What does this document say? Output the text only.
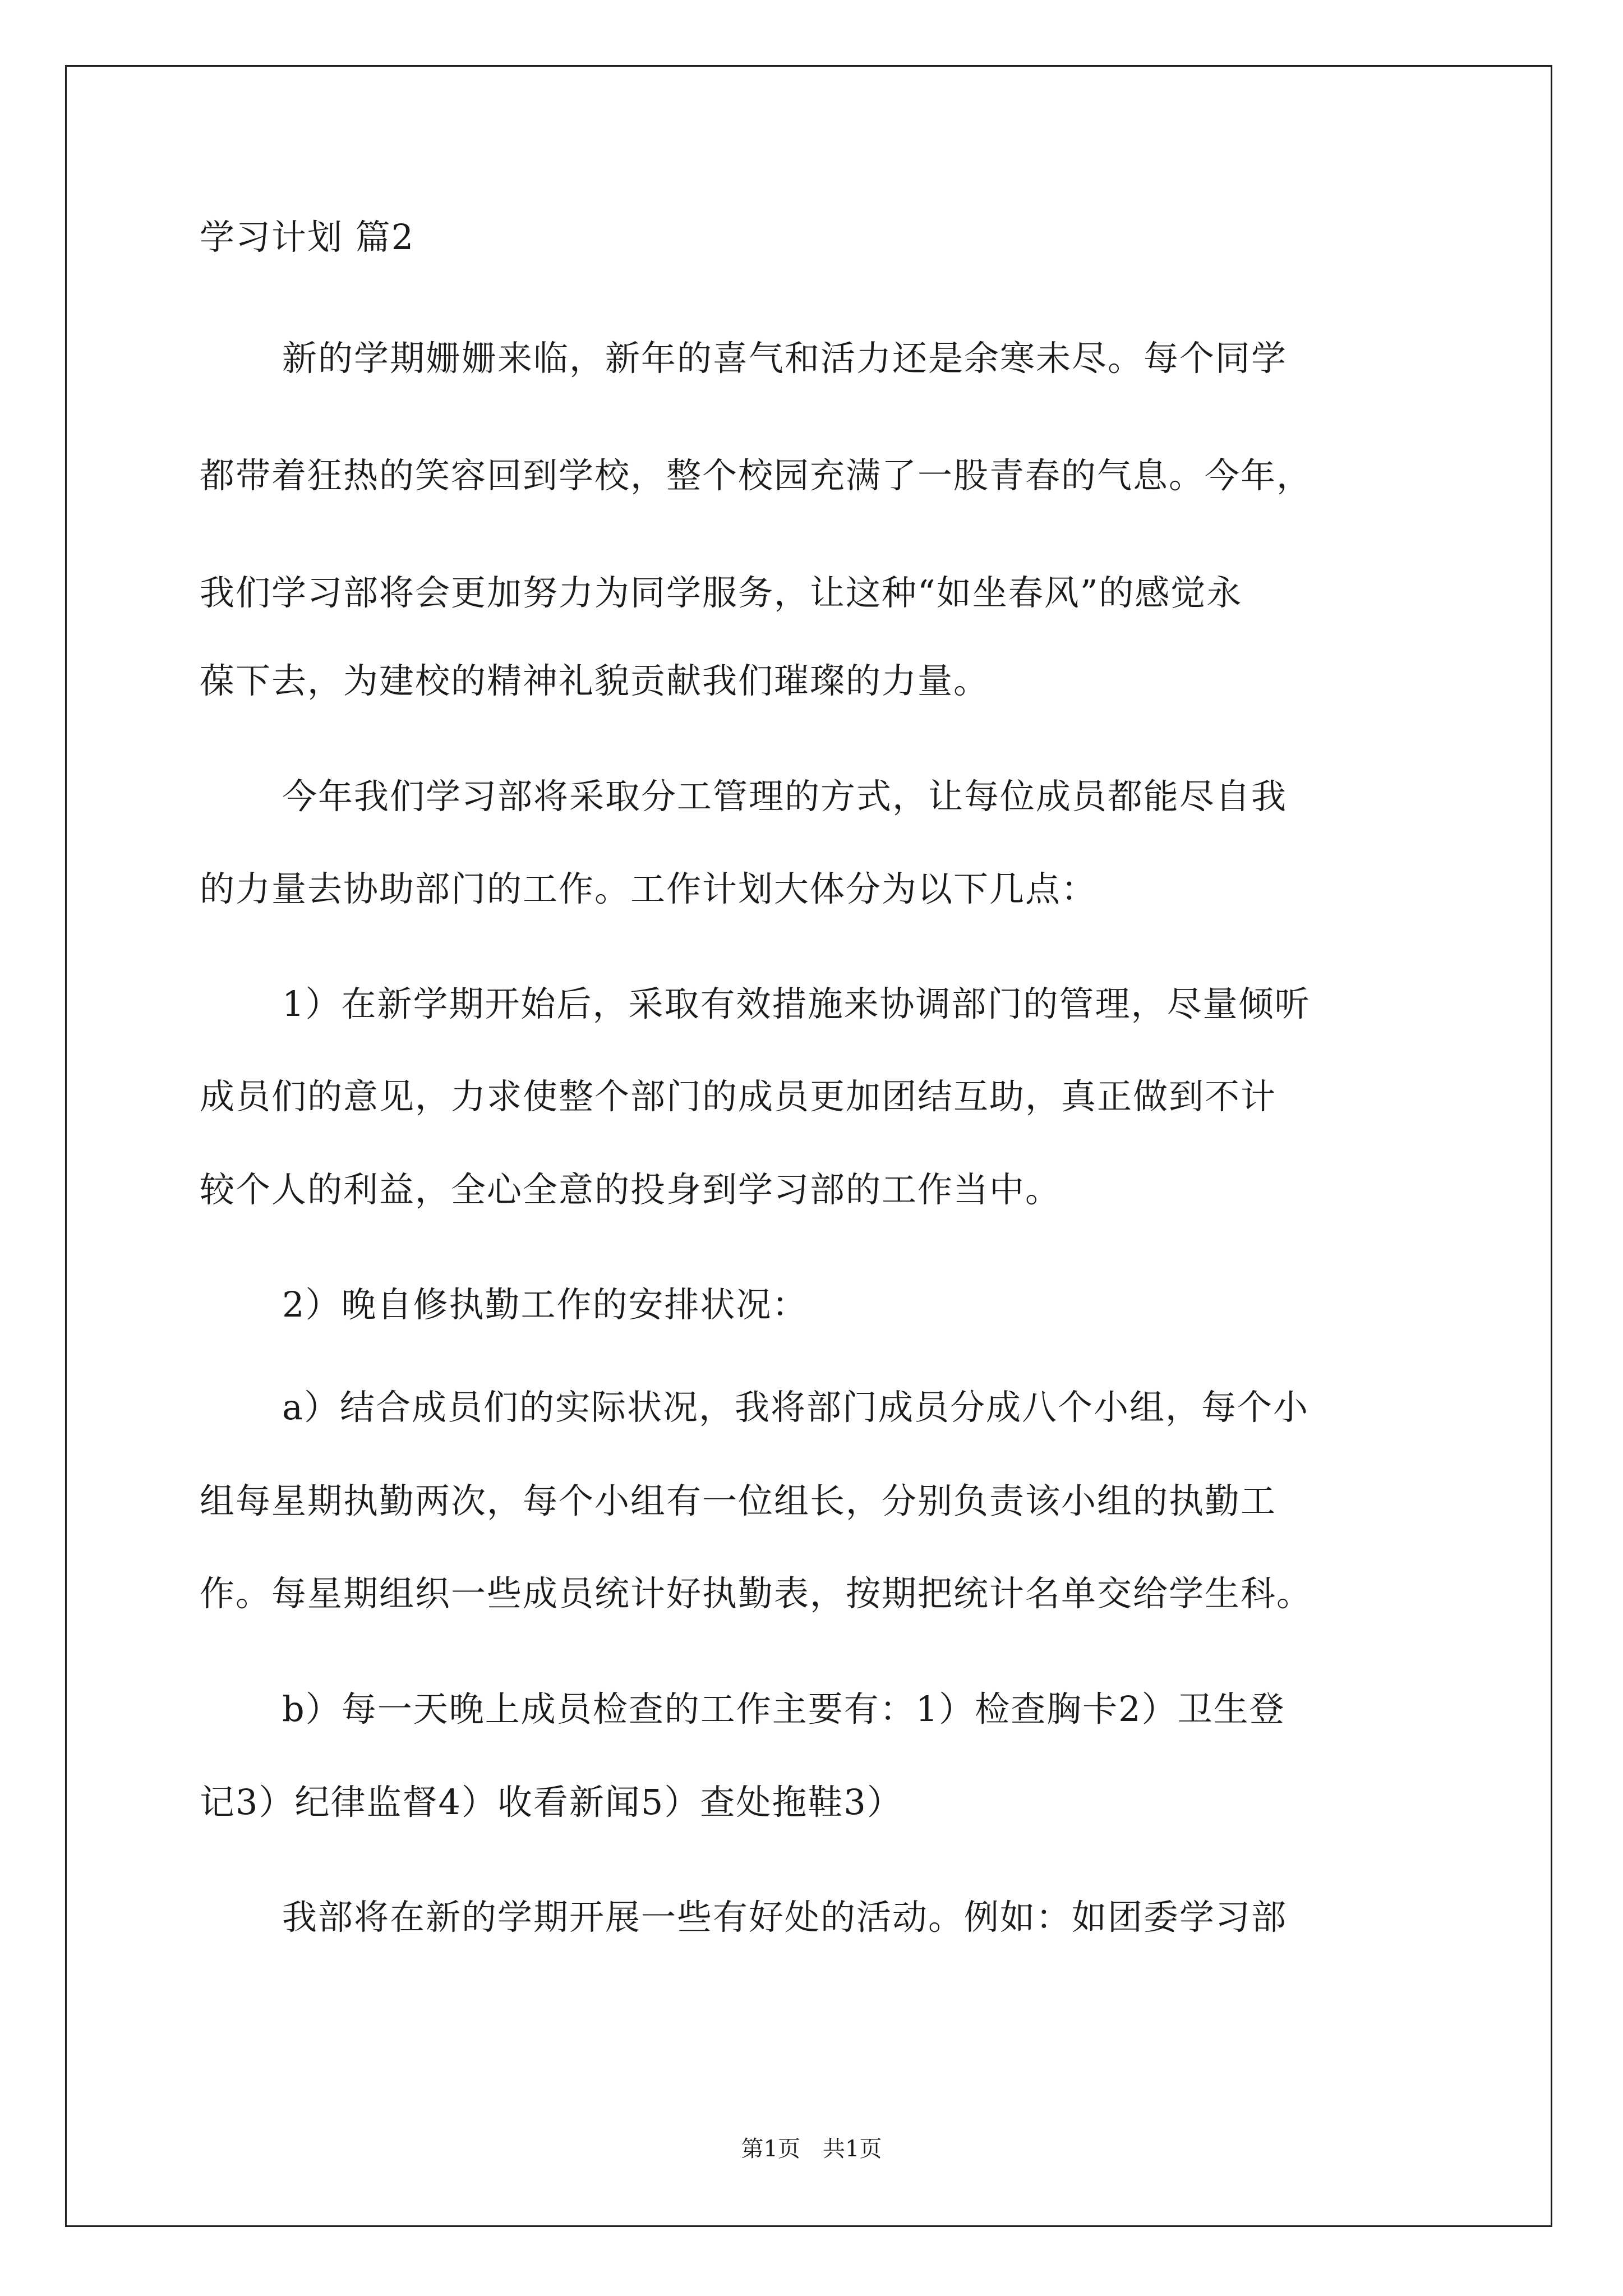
学习计划 篇2
新的学期姗姗来临，新年的喜气和活力还是余寒未尽。每个同学
都带着狂热的笑容回到学校，整个校园充满了一股青春的气息。今年，
我们学习部将会更加努力为同学服务，让这种“如坐春风”的感觉永
葆下去，为建校的精神礼貌贡献我们璀璨的力量。
今年我们学习部将采取分工管理的方式，让每位成员都能尽自我
的力量去协助部门的工作。工作计划大体分为以下几点：
1）在新学期开始后，采取有效措施来协调部门的管理，尽量倾听
成员们的意见，力求使整个部门的成员更加团结互助，真正做到不计
较个人的利益，全心全意的投身到学习部的工作当中。
2）晚自修执勤工作的安排状况：
a）结合成员们的实际状况，我将部门成员分成八个小组，每个小
组每星期执勤两次，每个小组有一位组长，分别负责该小组的执勤工
作。每星期组织一些成员统计好执勤表，按期把统计名单交给学生科。
b）每一天晚上成员检查的工作主要有：1）检查胸卡2）卫生登
记3）纪律监督4）收看新闻5）查处拖鞋3）
我部将在新的学期开展一些有好处的活动。例如：如团委学习部
第1页　共1页
